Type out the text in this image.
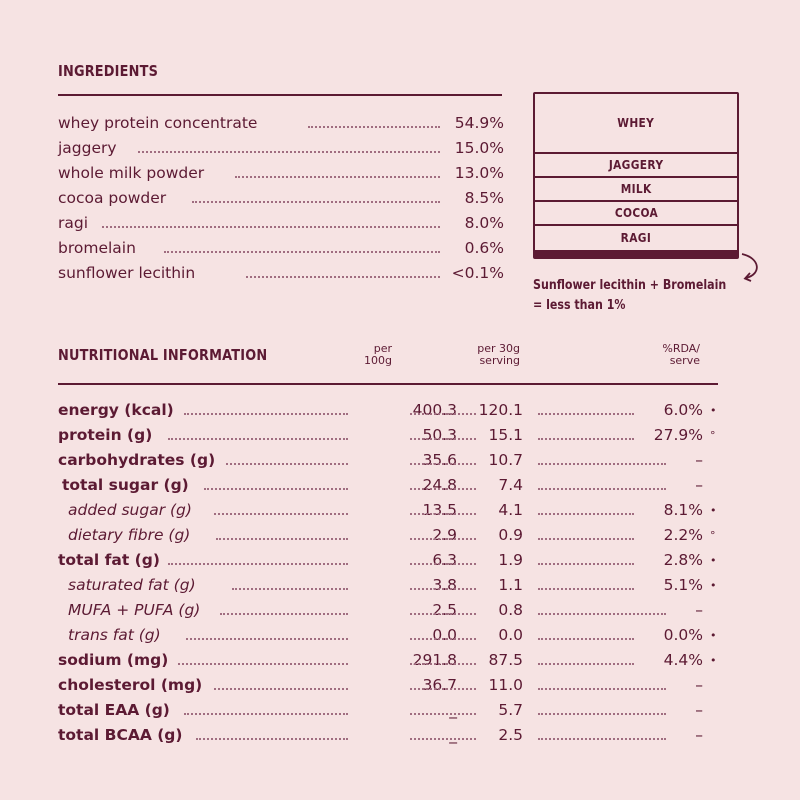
INGREDIENTS
whey protein concentrate	54.9%
jaggery	15.0%
whole milk powder	13.0%
cocoa powder	8.5%
ragi	8.0%
bromelain	0.6%
sunflower lecithin	<0.1%
WHEY
JAGGERY
MILK
COCOA
RAGI
Sunflower lecithin + Bromelain
= less than 1%
NUTRITIONAL INFORMATION	per
100g
per 30g
serving
%RDA/
serve
energy (kcal)	400.3 120.1	6.0% •
protein (g)	50.3 15.1	27.9% °
carbohydrates (g)	35.6 10.7	–
total sugar (g)	24.8	7.4	–
added sugar (g)	13.5	4.1	8.1% •
dietary fibre (g)	2.9	0.9	2.2% °
total fat (g)	6.3	1.9	2.8% •
saturated fat (g)	3.8	1.1	5.1% •
MUFA + PUFA (g)	2.5	0.8	–
trans fat (g)	0.0	0.0	0.0% •
sodium (mg)	291.8 87.5	4.4% •
cholesterol (mg)	36.7 11.0	–
total EAA (g)	_	5.7	–
total BCAA (g)	_	2.5	–
